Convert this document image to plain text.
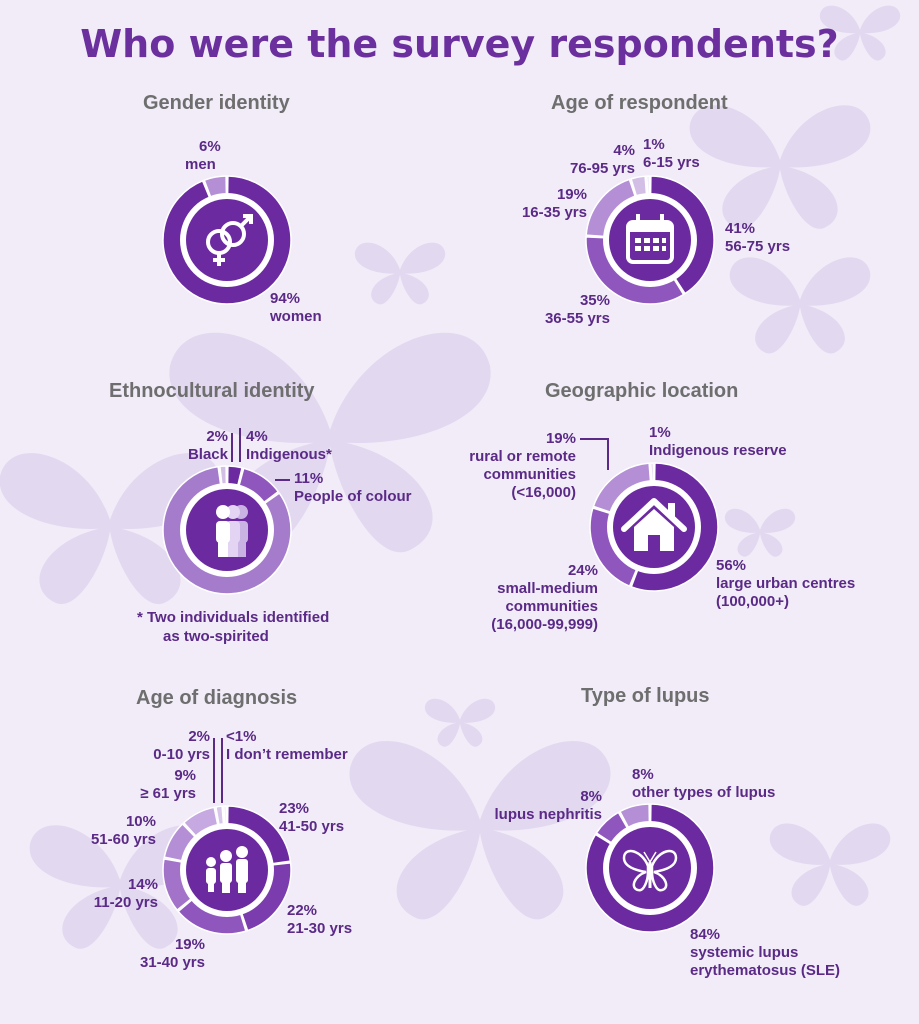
Who were the survey respondents?
Gender identity	Age of respondent
Ethnocultural identity	Geographic location
Age of diagnosis	Type of lupus
6%
men
94%
women
1%
6-15 yrs
4%
76-95 yrs
19%
16-35 yrs
41%
56-75 yrs
35%
36-55 yrs
2%
Black
4%
Indigenous*
11%
People of colour
* Two individuals identified
as two-spirited
19%
rural or remote communities (<16,000)
1%
Indigenous reserve
24%
small-medium communities (16,000-99,999)
56%
large urban centres (100,000+)
2%
0-10 yrs
<1%
I don’t remember
9%
≥ 61 yrs
10%
51-60 yrs
23%
41-50 yrs
14%
11-20 yrs	22%
21-30 yrs
19%
31-40 yrs
8%
other types of lupus
8%
lupus nephritis
84%
systemic lupus erythematosus (SLE)
